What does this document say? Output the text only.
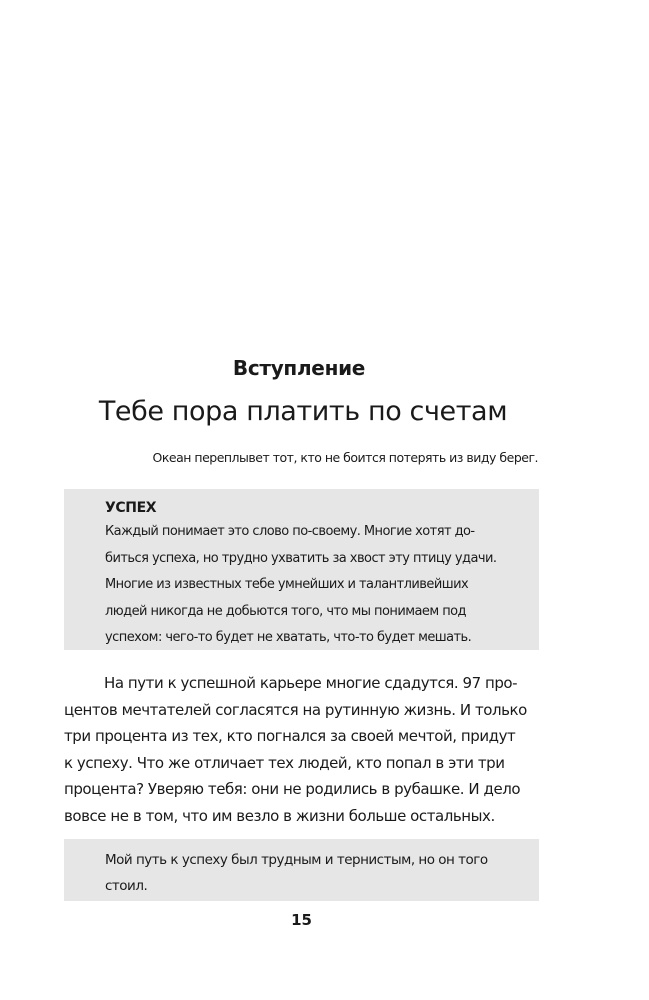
Вступление
Тебе пора платить по счетам
Океан переплывет тот, кто не боится потерять из виду берег.
УСПЕХ
Каждый понимает это слово по-своему. Многие хотят до-
биться успеха, но трудно ухватить за хвост эту птицу удачи.
Многие из известных тебе умнейших и талантливейших
людей никогда не добьются того, что мы понимаем под
успехом: чего-то будет не хватать, что-то будет мешать.
На пути к успешной карьере многие сдадутся. 97 про-
центов мечтателей согласятся на рутинную жизнь. И только
три процента из тех, кто погнался за своей мечтой, придут
к успеху. Что же отличает тех людей, кто попал в эти три
процента? Уверяю тебя: они не родились в рубашке. И дело
вовсе не в том, что им везло в жизни больше остальных.
Мой путь к успеху был трудным и тернистым, но он того
стоил.
15
